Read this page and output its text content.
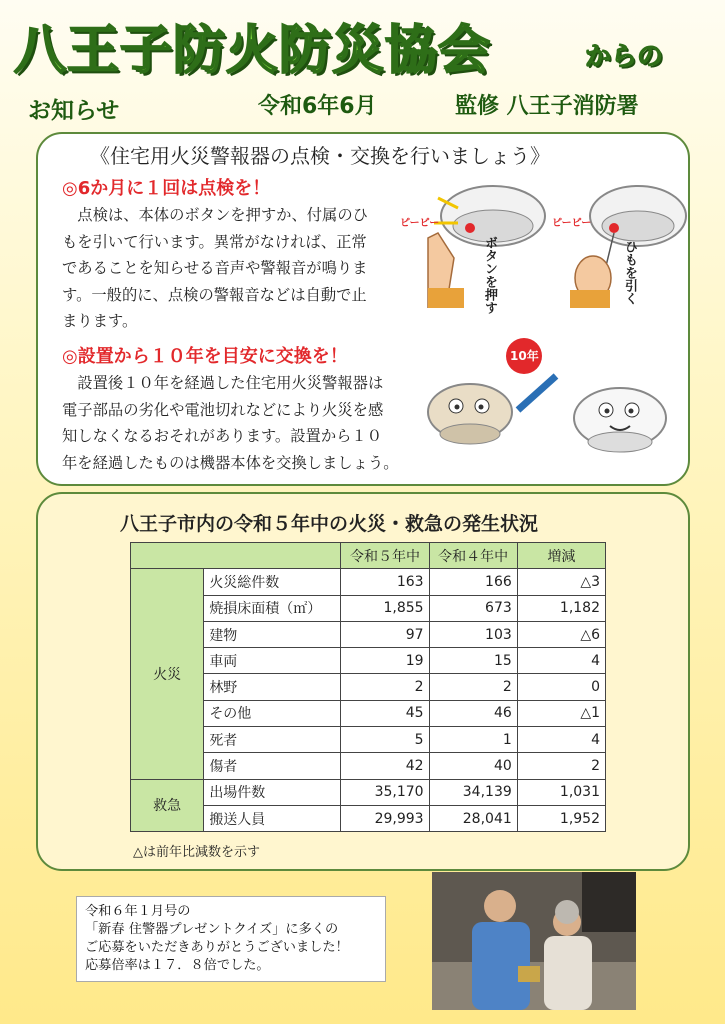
八王子防火防災協会	からの
お知らせ	令和6年6月	監修 八王子消防署
《住宅用火災警報器の点検・交換を行いましょう》
◎6か月に１回は点検を！
　点検は、本体のボタンを押すか、付属のひ
もを引いて行います。異常がなければ、正常
であることを知らせる音声や警報音が鳴りま
す。一般的に、点検の警報音などは自動で止
まります。
◎設置から１０年を目安に交換を！
　設置後１０年を経過した住宅用火災警報器は
電子部品の劣化や電池切れなどにより火災を感
知しなくなるおそれがあります。設置から１０
年を経過したものは機器本体を交換しましょう。
ピーピー
ボタンを押す
ピーピー
ひもを引く
10年
八王子市内の令和５年中の火災・救急の発生状況
		令和５年中	令和４年中	増減
火災	火災総件数	163	166	△3
	焼損床面積（㎡）	1,855	673	1,182
	建物	97	103	△6
	車両	19	15	4
	林野	2	2	0
	その他	45	46	△1
	死者	5	1	4
	傷者	42	40	2
救急	出場件数	35,170	34,139	1,031
	搬送人員	29,993	28,041	1,952
△は前年比減数を示す
令和６年１月号の
「新春 住警器プレゼントクイズ」に多くの
ご応募をいただきありがとうございました！
応募倍率は１７．８倍でした。
